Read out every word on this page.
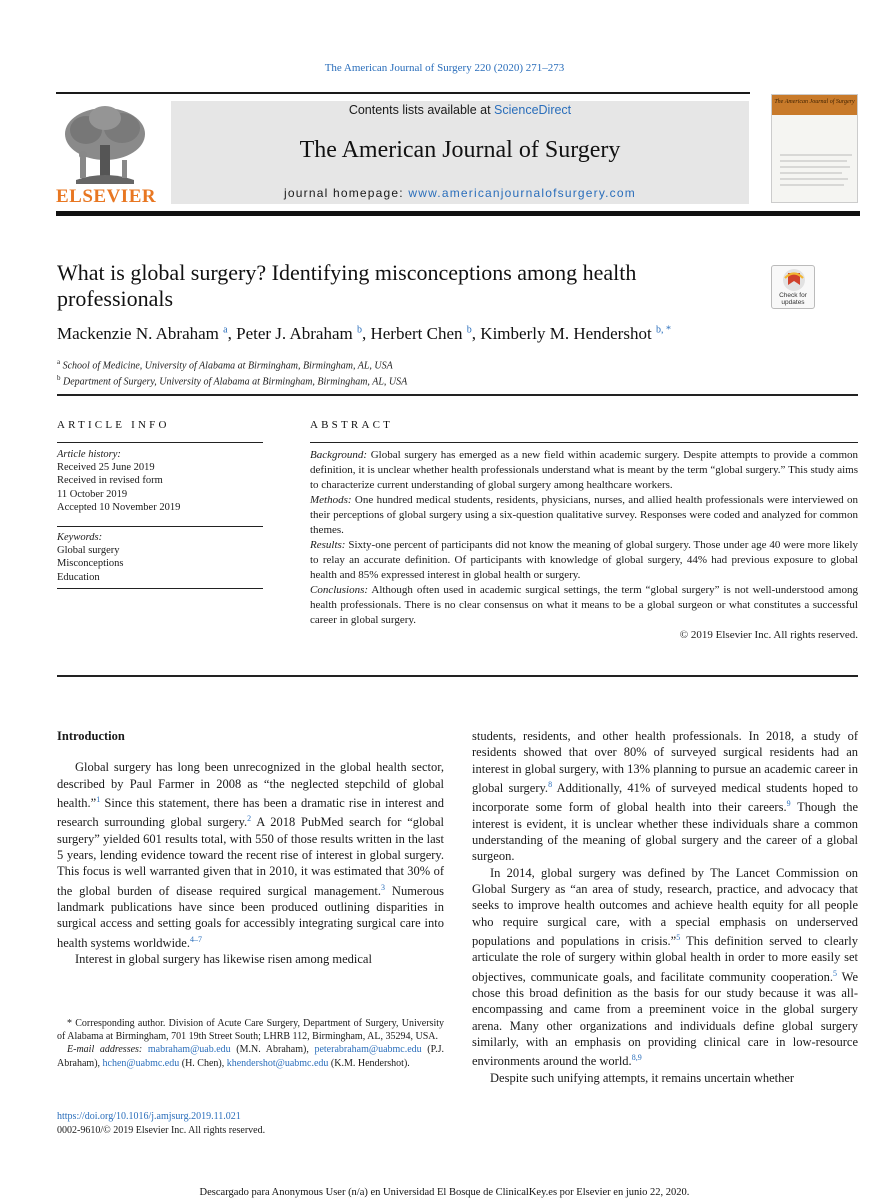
The American Journal of Surgery 220 (2020) 271–273
ELSEVIER
Contents lists available at ScienceDirect
The American Journal of Surgery
journal homepage: www.americanjournalofsurgery.com
The American Journal of Surgery
What is global surgery? Identifying misconceptions among health professionals	Check for updates
Mackenzie N. Abraham $^a$, Peter J. Abraham $^b$, Herbert Chen $^b$, Kimberly M. Hendershot $^{b, *}$
$^a$ School of Medicine, University of Alabama at Birmingham, Birmingham, AL, USA
$^b$ Department of Surgery, University of Alabama at Birmingham, Birmingham, AL, USA
ARTICLE INFO	ABSTRACT
Article history:
Received 25 June 2019
Received in revised form
11 October 2019
Accepted 10 November 2019
Keywords:
Global surgery
Misconceptions
Education

Background: Global surgery has emerged as a new field within academic surgery. Despite attempts to provide a common definition, it is unclear whether health professionals understand what is meant by the term “global surgery.” This study aims to characterize current understanding of global surgery among healthcare workers.

Methods: One hundred medical students, residents, physicians, nurses, and allied health professionals were interviewed on their perceptions of global surgery using a six-question qualitative survey. Responses were coded and analyzed for common themes.

Results: Sixty-one percent of participants did not know the meaning of global surgery. Those under age 40 were more likely to relay an accurate definition. Of participants with knowledge of global surgery, 44% had previous exposure to global health and 85% expressed interest in global health or surgery.

Conclusions: Although often used in academic surgical settings, the term “global surgery” is not well-understood among health professionals. There is no clear consensus on what it means to be a global surgeon or what constitutes a successful career in global surgery.

© 2019 Elsevier Inc. All rights reserved.

Introduction

Global surgery has long been unrecognized in the global health sector, described by Paul Farmer in 2008 as “the neglected stepchild of global health.”$^1$ Since this statement, there has been a dramatic rise in interest and research surrounding global surgery.$^2$ A 2018 PubMed search for “global surgery” yielded 601 results total, with 550 of those results written in the last 5 years, lending evidence toward the recent rise of interest in global surgery. This focus is well warranted given that in 2010, it was estimated that 30% of the global burden of disease required surgical management.$^3$ Numerous landmark publications have since been produced outlining disparities in surgical access and setting goals for accessibly integrating surgical care into health systems worldwide.$^{4-7}$

Interest in global surgery has likewise risen among medical

* Corresponding author. Division of Acute Care Surgery, Department of Surgery, University of Alabama at Birmingham, 701 19th Street South; LHRB 112, Birmingham, AL, 35294, USA.
E-mail addresses: mabraham@uab.edu (M.N. Abraham), peterabraham@uabmc.edu (P.J. Abraham), hchen@uabmc.edu (H. Chen), khendershot@uabmc.edu (K.M. Hendershot).
https://doi.org/10.1016/j.amjsurg.2019.11.021
0002-9610/© 2019 Elsevier Inc. All rights reserved.

students, residents, and other health professionals. In 2018, a study of residents showed that over 80% of surveyed surgical residents had an interest in global surgery, with 13% planning to pursue an academic career in global surgery.$^8$ Additionally, 41% of surveyed medical students hoped to incorporate some form of global health into their careers.$^9$ Though the interest is evident, it is unclear whether these individuals share a common understanding of the meaning of global surgery and the career of a global surgeon.

In 2014, global surgery was defined by The Lancet Commission on Global Surgery as “an area of study, research, practice, and advocacy that seeks to improve health outcomes and achieve health equity for all people who require surgical care, with a special emphasis on underserved populations and populations in crisis.”$^5$ This definition served to clearly articulate the role of surgery within global health in order to more easily set objectives, communicate goals, and facilitate community cooperation.$^5$ We chose this broad definition as the basis for our study because it was all-encompassing and came from a preeminent voice in the global surgery arena. Many other organizations and individuals define global surgery similarly, with an emphasis on providing clinical care in low-resource environments around the world.$^{8,9}$

Despite such unifying attempts, it remains uncertain whether

Descargado para Anonymous User (n/a) en Universidad El Bosque de ClinicalKey.es por Elsevier en junio 22, 2020.
